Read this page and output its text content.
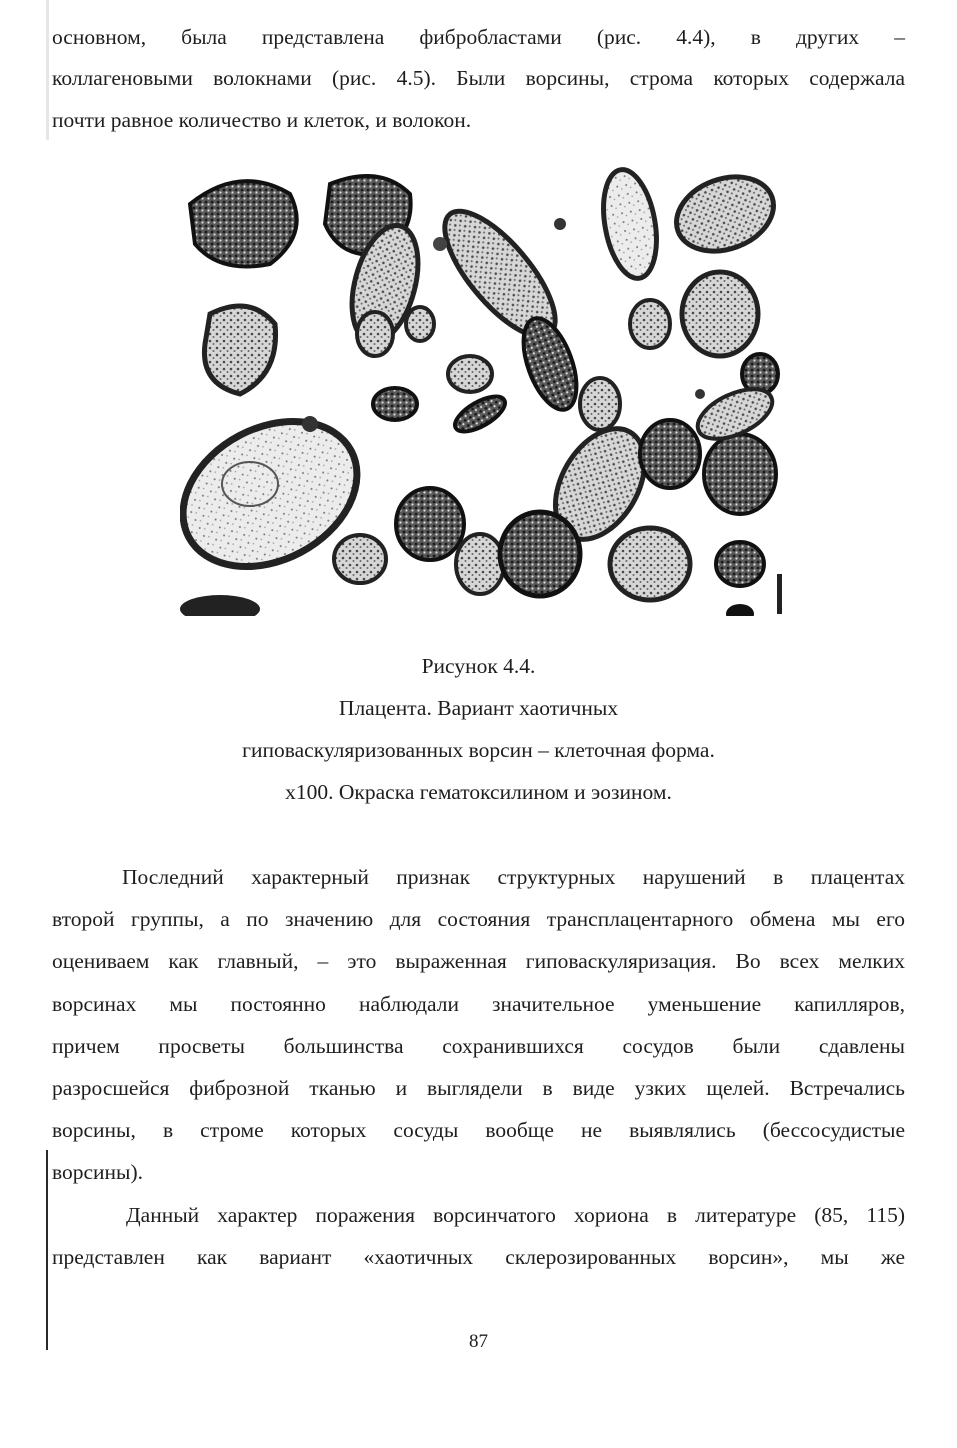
основном, была представлена фибробластами (рис. 4.4), в других –
коллагеновыми волокнами (рис. 4.5). Были ворсины, строма которых содержала
почти равное количество и клеток, и волокон.
Рисунок 4.4.
Плацента. Вариант хаотичных
гиповаскуляризованных ворсин – клеточная форма.
х100. Окраска гематоксилином и эозином.
Последний характерный признак структурных нарушений в плацентах
второй группы, а по значению для состояния трансплацентарного обмена мы его
оцениваем как главный, – это выраженная гиповаскуляризация. Во всех мелких
ворсинах мы постоянно наблюдали значительное уменьшение капилляров,
причем просветы большинства сохранившихся сосудов были сдавлены
разросшейся фиброзной тканью и выглядели в виде узких щелей. Встречались
ворсины, в строме которых сосуды вообще не выявлялись (бессосудистые
ворсины).
Данный характер поражения ворсинчатого хориона в литературе (85, 115)
представлен как вариант «хаотичных склерозированных ворсин», мы же
87
